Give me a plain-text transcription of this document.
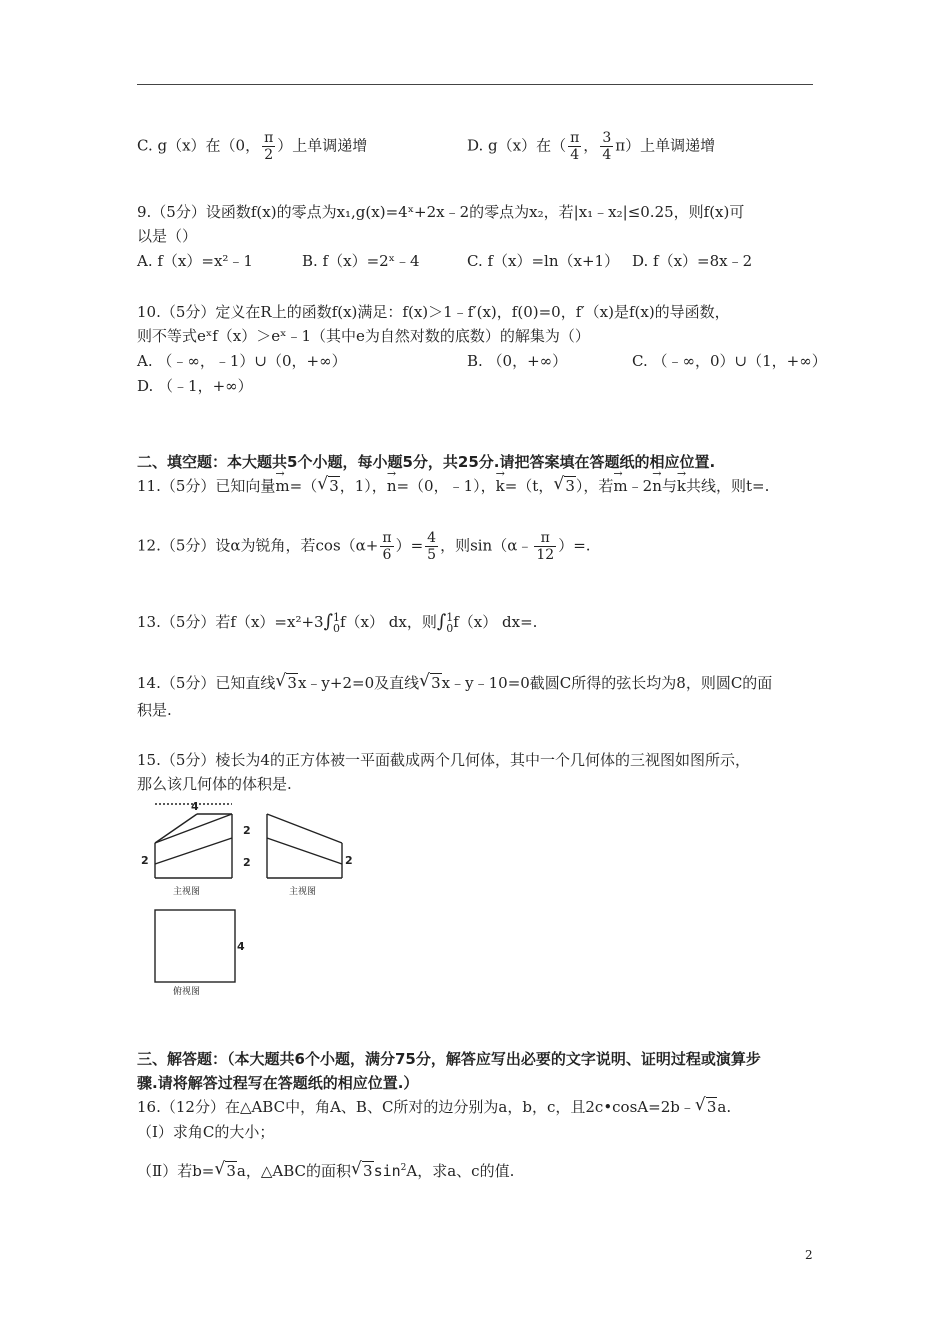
C. g（x）在（0， $\frac{\pi}{2}$ ）上单调递增	D. g（x）在（ $\frac{\pi}{4}$ ， $\frac{3}{4} \pi$）上单调递增
9.（5分）设函数f(x)的零点为x₁,g(x)=4ˣ+2x﹣2的零点为x₂，若|x₁﹣x₂|≤0.25，则f(x)可
以是（）
A. f（x）=x²﹣1	B. f（x）=2ˣ﹣4	C. f（x）=ln（x+1） D. f（x）=8x﹣2
10.（5分）定义在R上的函数f(x)满足：f(x)＞1﹣f′(x)，f(0)=0，f′（x)是f(x)的导函数，
则不等式eˣf（x）＞eˣ﹣1（其中e为自然对数的底数）的解集为（）
A. （﹣∞，﹣1）∪（0，+∞）	B. （0，+∞）	C. （﹣∞，0）∪（1，+∞）
D. （﹣1，+∞）
二、填空题：本大题共5个小题，每小题5分，共25分.请把答案填在答题纸的相应位置.
11.（5分）已知向量→ m=（ √ 3，1），→ n=（0，﹣1），→ k=（t， √ 3），若→ m﹣2→ n与→ k共线，则t=.
12.（5分）设α为锐角，若$\cos(\alpha+ \frac{\pi}{6}$ ）= $\frac{4}{5}$ ，则sin（α﹣ $\frac{\pi}{12}$ ）=.
13.（5分）若f（x）=x²+3∫ 1
0 f（x） dx，则∫ 1
0 f（x） dx=.
14.（5分）已知直线 √ 3x﹣y+2=0及直线 √ 3x﹣y﹣10=0截圆C所得的弦长均为8，则圆C的面
积是.
15.（5分）棱长为4的正方体被一平面截成两个几何体，其中一个几何体的三视图如图所示，
那么该几何体的体积是.
4
2
2
2	2
4
主视图	主视图
俯视图
三、解答题：（本大题共6个小题，满分75分，解答应写出必要的文字说明、证明过程或演算步
骤.请将解答过程写在答题纸的相应位置.）
16.（12分）在△ABC中，角A、B、C所对的边分别为a，b，c，且2c•cosA=2b﹣ √ 3a.
（I）求角C的大小；
（Ⅱ）若b= √ 3a，△ABC的面积 √ $3\sin^2A$，求a、c的值.
2
